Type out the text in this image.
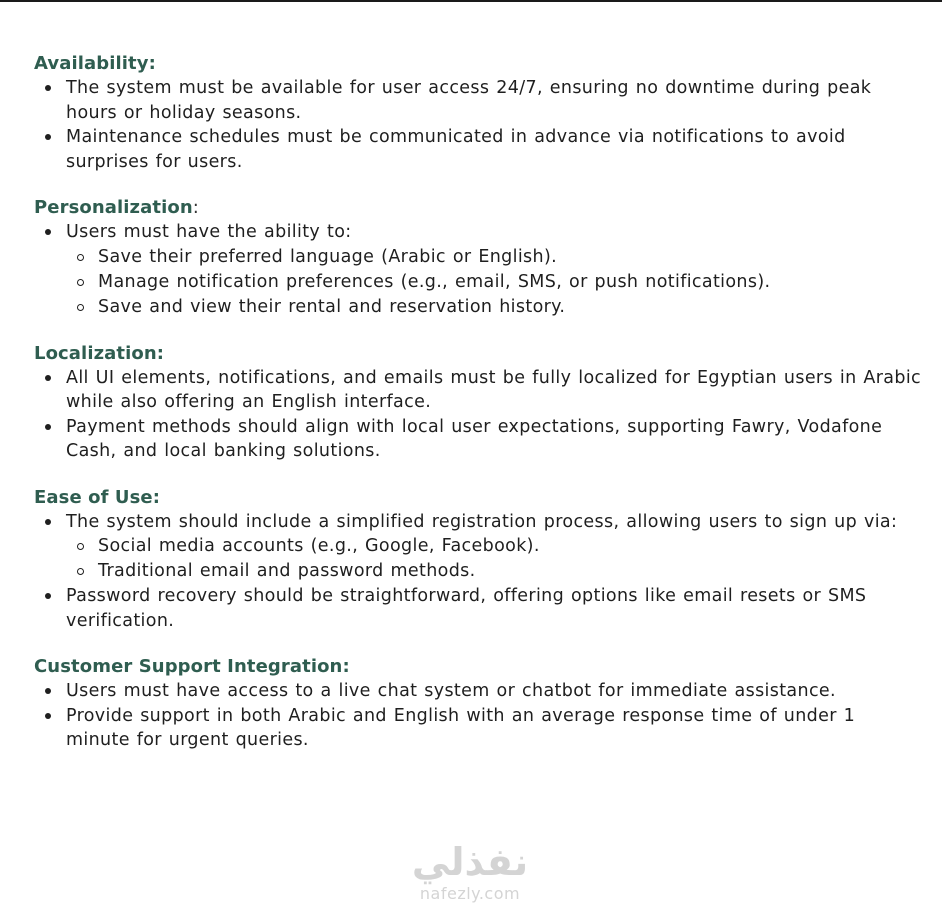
Availability:
The system must be available for user access 24/7, ensuring no downtime during peak hours or holiday seasons.
Maintenance schedules must be communicated in advance via notifications to avoid surprises for users.
Personalization:
Users must have the ability to:
Save their preferred language (Arabic or English).
Manage notification preferences (e.g., email, SMS, or push notifications).
Save and view their rental and reservation history.
Localization:
All UI elements, notifications, and emails must be fully localized for Egyptian users in Arabic while also offering an English interface.
Payment methods should align with local user expectations, supporting Fawry, Vodafone Cash, and local banking solutions.
Ease of Use:
The system should include a simplified registration process, allowing users to sign up via:
Social media accounts (e.g., Google, Facebook).
Traditional email and password methods.
Password recovery should be straightforward, offering options like email resets or SMS verification.
Customer Support Integration:
Users must have access to a live chat system or chatbot for immediate assistance.
Provide support in both Arabic and English with an average response time of under 1 minute for urgent queries.
نفذلي
nafezly.com
